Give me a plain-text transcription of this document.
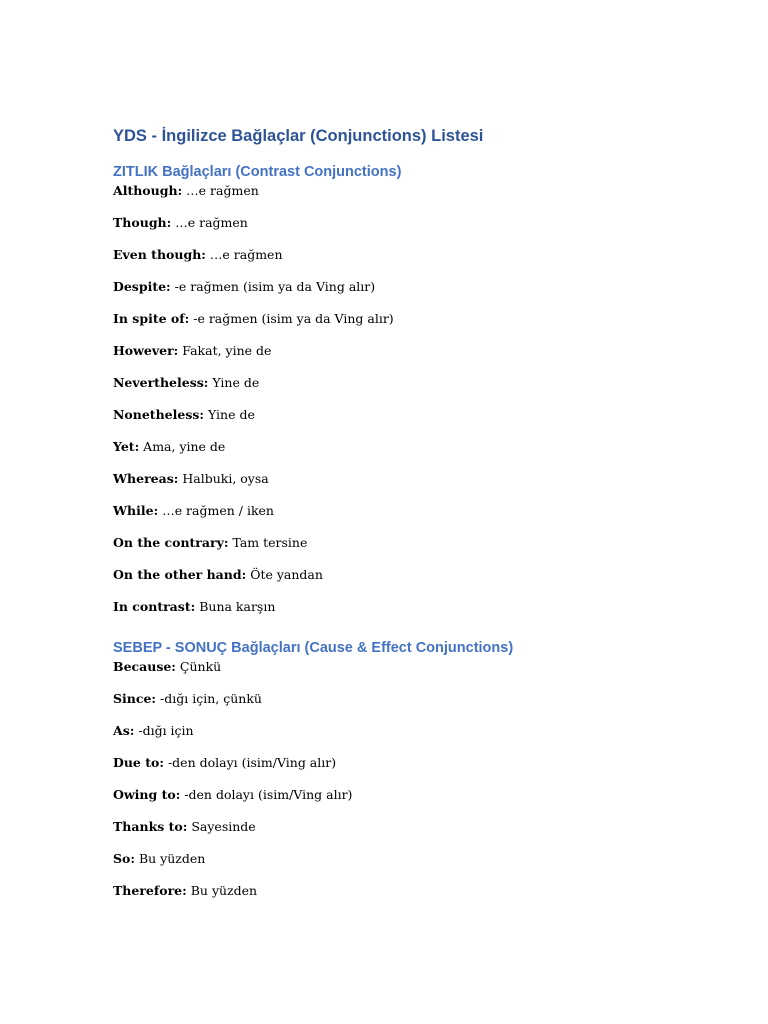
YDS - İngilizce Bağlaçlar (Conjunctions) Listesi
ZITLIK Bağlaçları (Contrast Conjunctions)

Although: …e rağmen

Though: …e rağmen

Even though: …e rağmen

Despite: -e rağmen (isim ya da Ving alır)

In spite of: -e rağmen (isim ya da Ving alır)

However: Fakat, yine de

Nevertheless: Yine de

Nonetheless: Yine de

Yet: Ama, yine de

Whereas: Halbuki, oysa

While: …e rağmen / iken

On the contrary: Tam tersine

On the other hand: Öte yandan

In contrast: Buna karşın

SEBEP - SONUÇ Bağlaçları (Cause & Effect Conjunctions)

Because: Çünkü

Since: -dığı için, çünkü

As: -dığı için

Due to: -den dolayı (isim/Ving alır)

Owing to: -den dolayı (isim/Ving alır)

Thanks to: Sayesinde

So: Bu yüzden

Therefore: Bu yüzden
